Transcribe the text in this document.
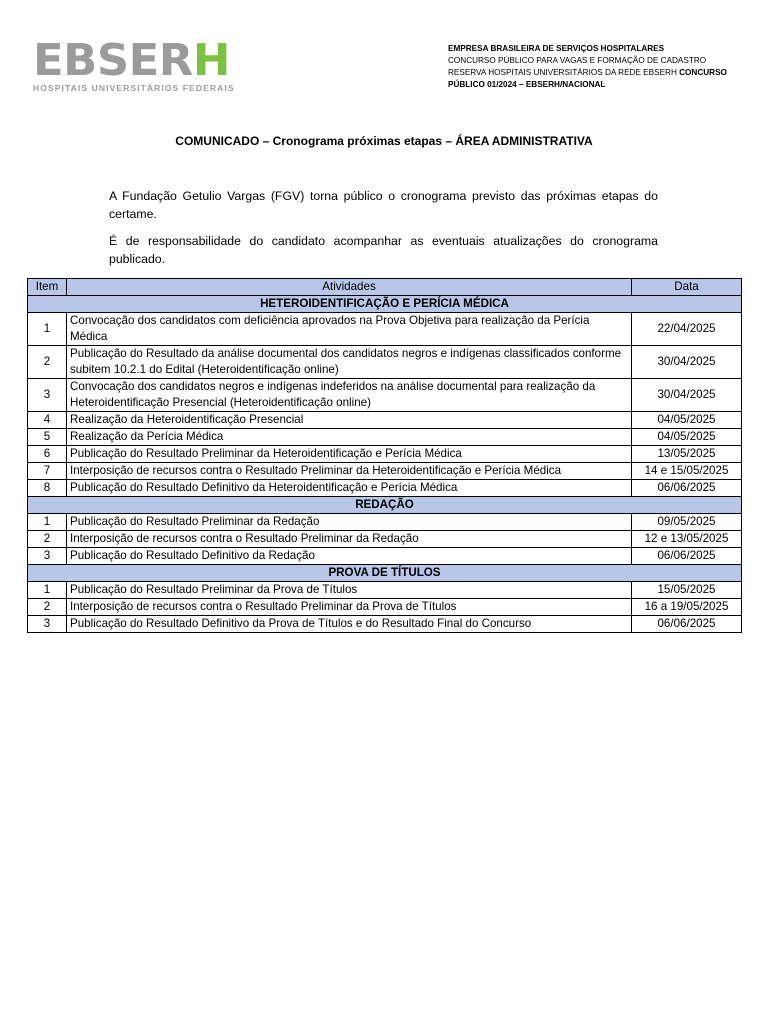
EBSERH
HOSPITAIS UNIVERSITÁRIOS FEDERAIS
EMPRESA BRASILEIRA DE SERVIÇOS HOSPITALARES
CONCURSO PÚBLICO PARA VAGAS E FORMAÇÃO DE CADASTRO
RESERVA HOSPITAIS UNIVERSITÁRIOS DA REDE EBSERH CONCURSO
PÚBLICO 01/2024 – EBSERH/NACIONAL
COMUNICADO – Cronograma próximas etapas – ÁREA ADMINISTRATIVA
A Fundação Getulio Vargas (FGV) torna público o cronograma previsto das próximas etapas do certame.
É de responsabilidade do candidato acompanhar as eventuais atualizações do cronograma publicado.
Item	Atividades	Data
HETEROIDENTIFICAÇÃO E PERÍCIA MÉDICA		
1	Convocação dos candidatos com deficiência aprovados na Prova Objetiva para realização da Perícia Médica	22/04/2025
2	Publicação do Resultado da análise documental dos candidatos negros e indígenas classificados conforme subitem 10.2.1 do Edital (Heteroidentificação online)	30/04/2025
3	Convocação dos candidatos negros e indígenas indeferidos na análise documental para realização da Heteroidentificação Presencial (Heteroidentificação online)	30/04/2025
4	Realização da Heteroidentificação Presencial	04/05/2025
5	Realização da Perícia Médica	04/05/2025
6	Publicação do Resultado Preliminar da Heteroidentificação e Perícia Médica	13/05/2025
7	Interposição de recursos contra o Resultado Preliminar da Heteroidentificação e Perícia Médica	14 e 15/05/2025
8	Publicação do Resultado Definitivo da Heteroidentificação e Perícia Médica	06/06/2025
REDAÇÃO		
1	Publicação do Resultado Preliminar da Redação	09/05/2025
2	Interposição de recursos contra o Resultado Preliminar da Redação	12 e 13/05/2025
3	Publicação do Resultado Definitivo da Redação	06/06/2025
PROVA DE TÍTULOS		
1	Publicação do Resultado Preliminar da Prova de Títulos	15/05/2025
2	Interposição de recursos contra o Resultado Preliminar da Prova de Títulos	16 a 19/05/2025
3	Publicação do Resultado Definitivo da Prova de Títulos e do Resultado Final do Concurso	06/06/2025
